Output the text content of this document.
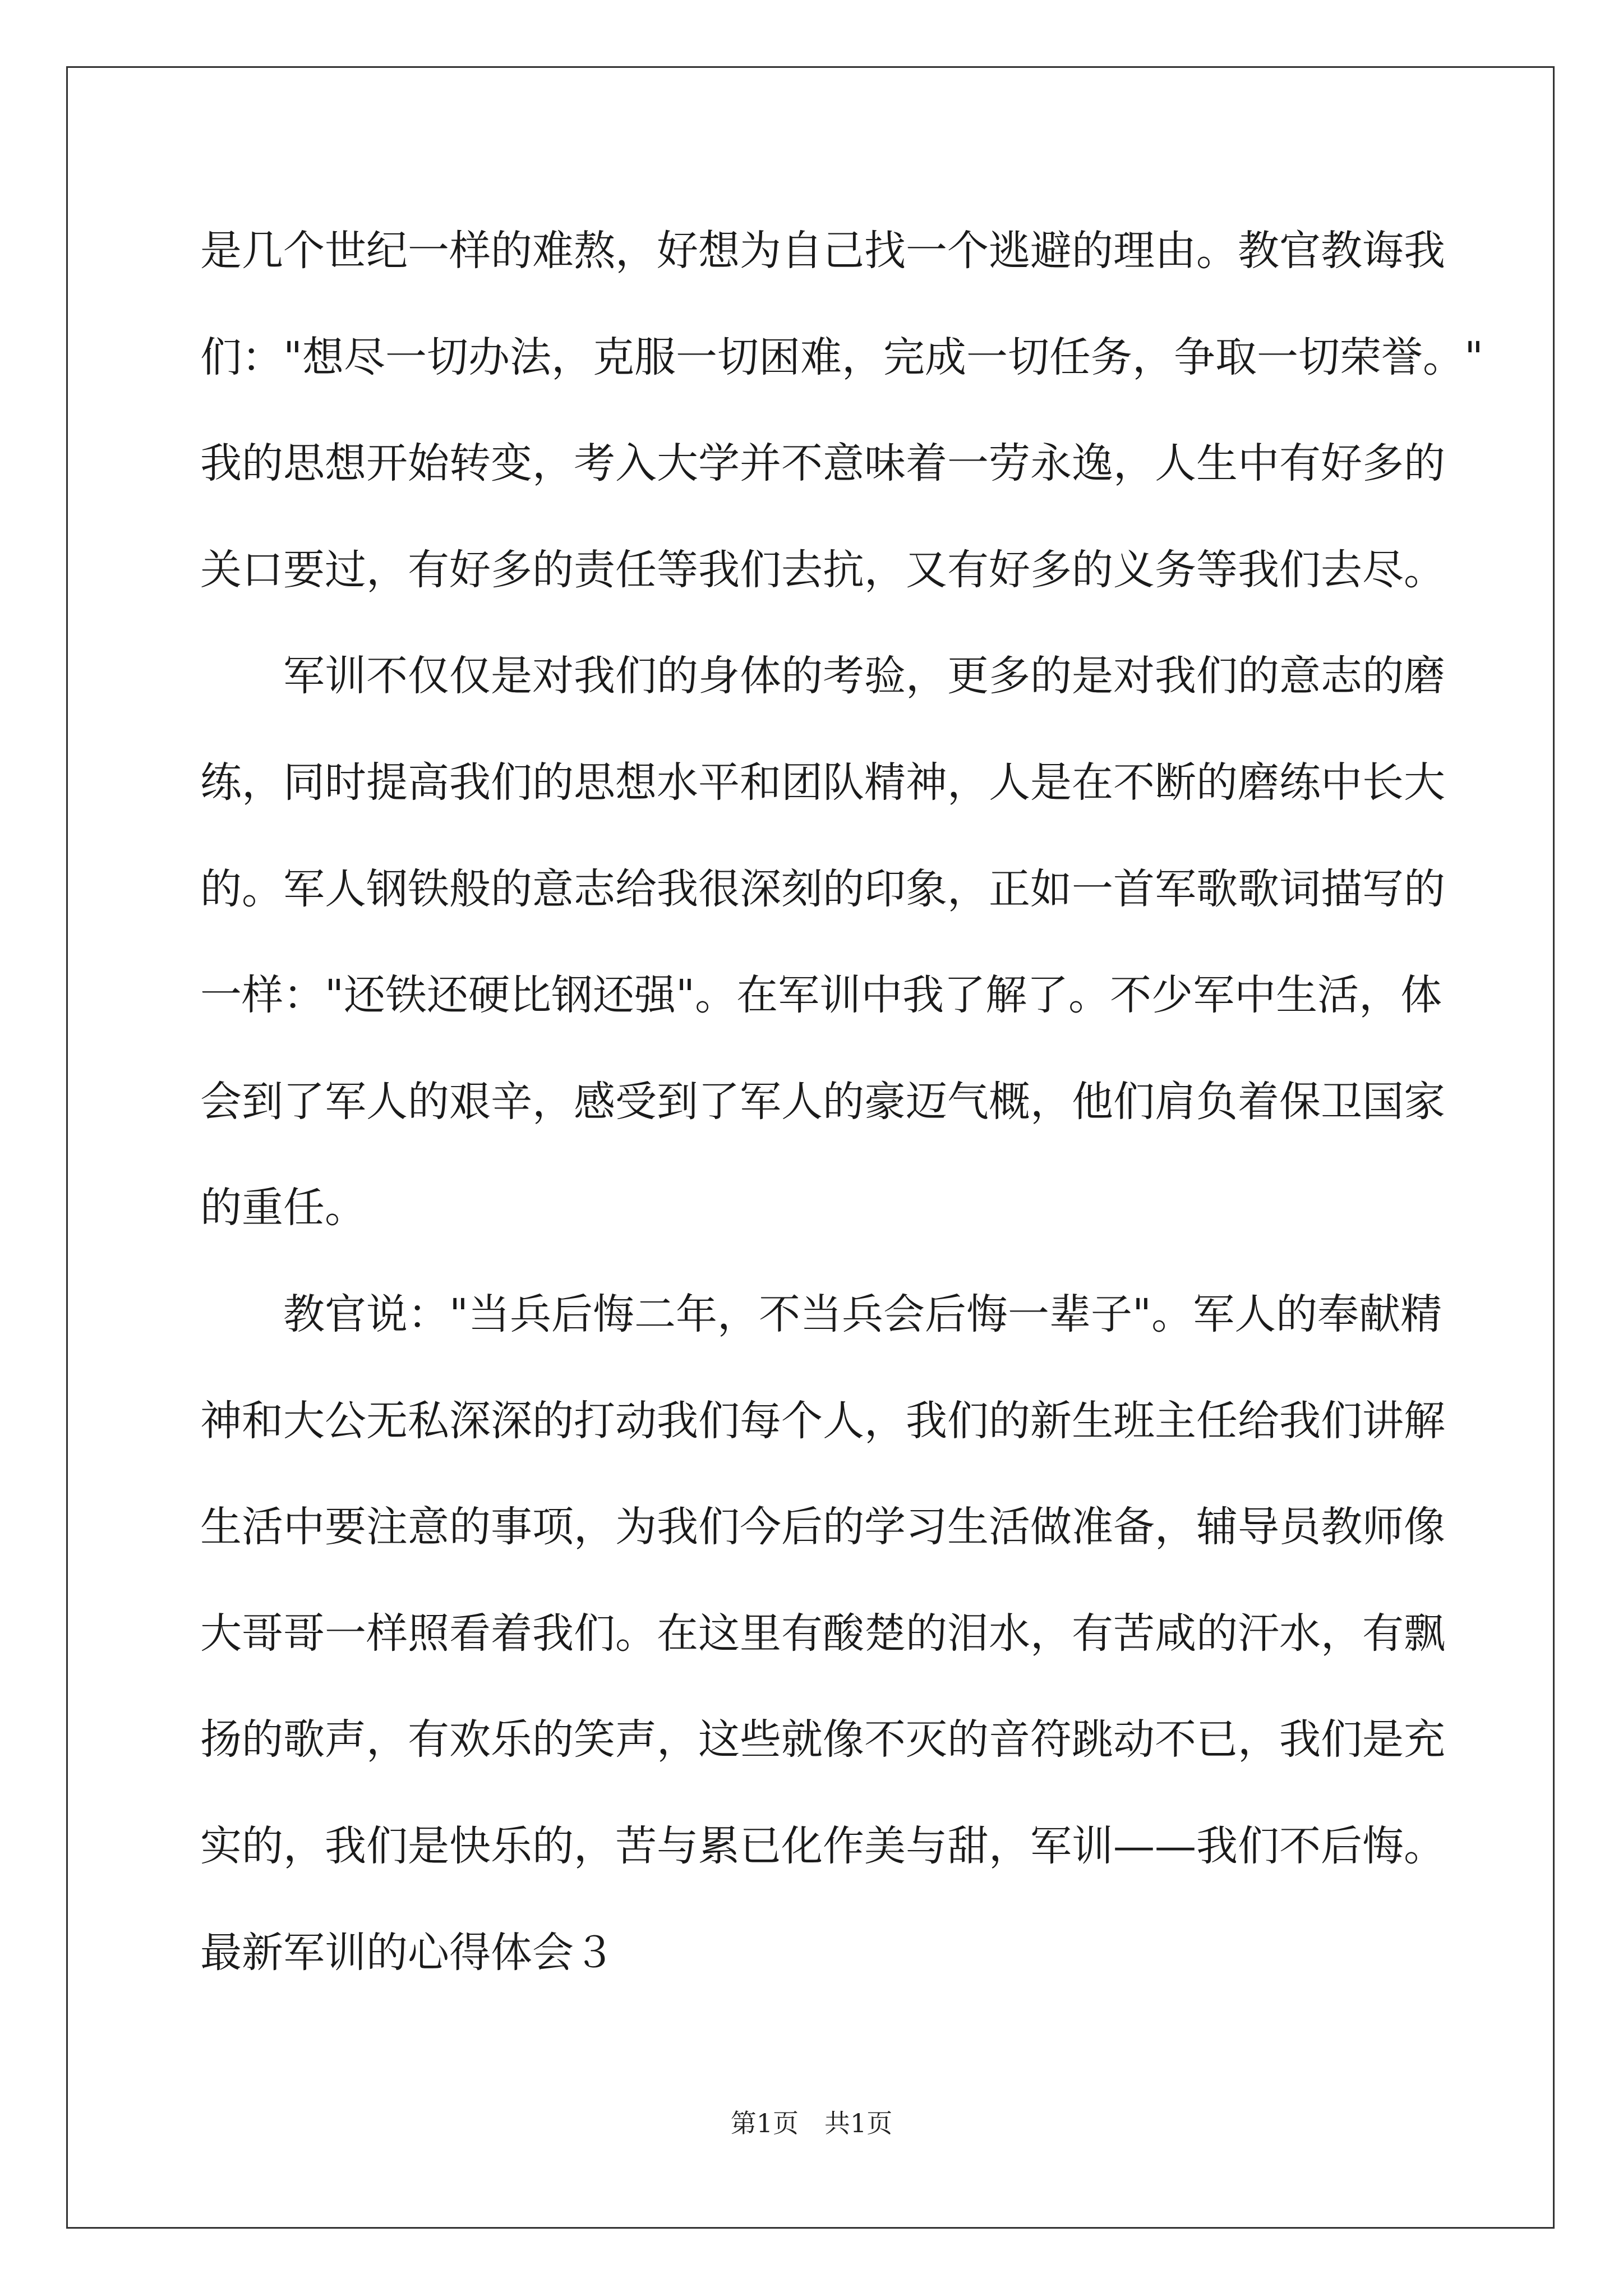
是几个世纪一样的难熬，好想为自己找一个逃避的理由。教官教诲我
们："想尽一切办法，克服一切困难，完成一切任务，争取一切荣誉。"
我的思想开始转变，考入大学并不意味着一劳永逸，人生中有好多的
关口要过，有好多的责任等我们去抗，又有好多的义务等我们去尽。
　　军训不仅仅是对我们的身体的考验，更多的是对我们的意志的磨
练，同时提高我们的思想水平和团队精神，人是在不断的磨练中长大
的。军人钢铁般的意志给我很深刻的印象，正如一首军歌歌词描写的
一样："还铁还硬比钢还强"。在军训中我了解了。不少军中生活，体
会到了军人的艰辛，感受到了军人的豪迈气概，他们肩负着保卫国家
的重任。
　　教官说："当兵后悔二年，不当兵会后悔一辈子"。军人的奉献精
神和大公无私深深的打动我们每个人，我们的新生班主任给我们讲解
生活中要注意的事项，为我们今后的学习生活做准备，辅导员教师像
大哥哥一样照看着我们。在这里有酸楚的泪水，有苦咸的汗水，有飘
扬的歌声，有欢乐的笑声，这些就像不灭的音符跳动不已，我们是充
实的，我们是快乐的，苦与累已化作美与甜，军训——我们不后悔。
最新军训的心得体会３
第1页　共1页
